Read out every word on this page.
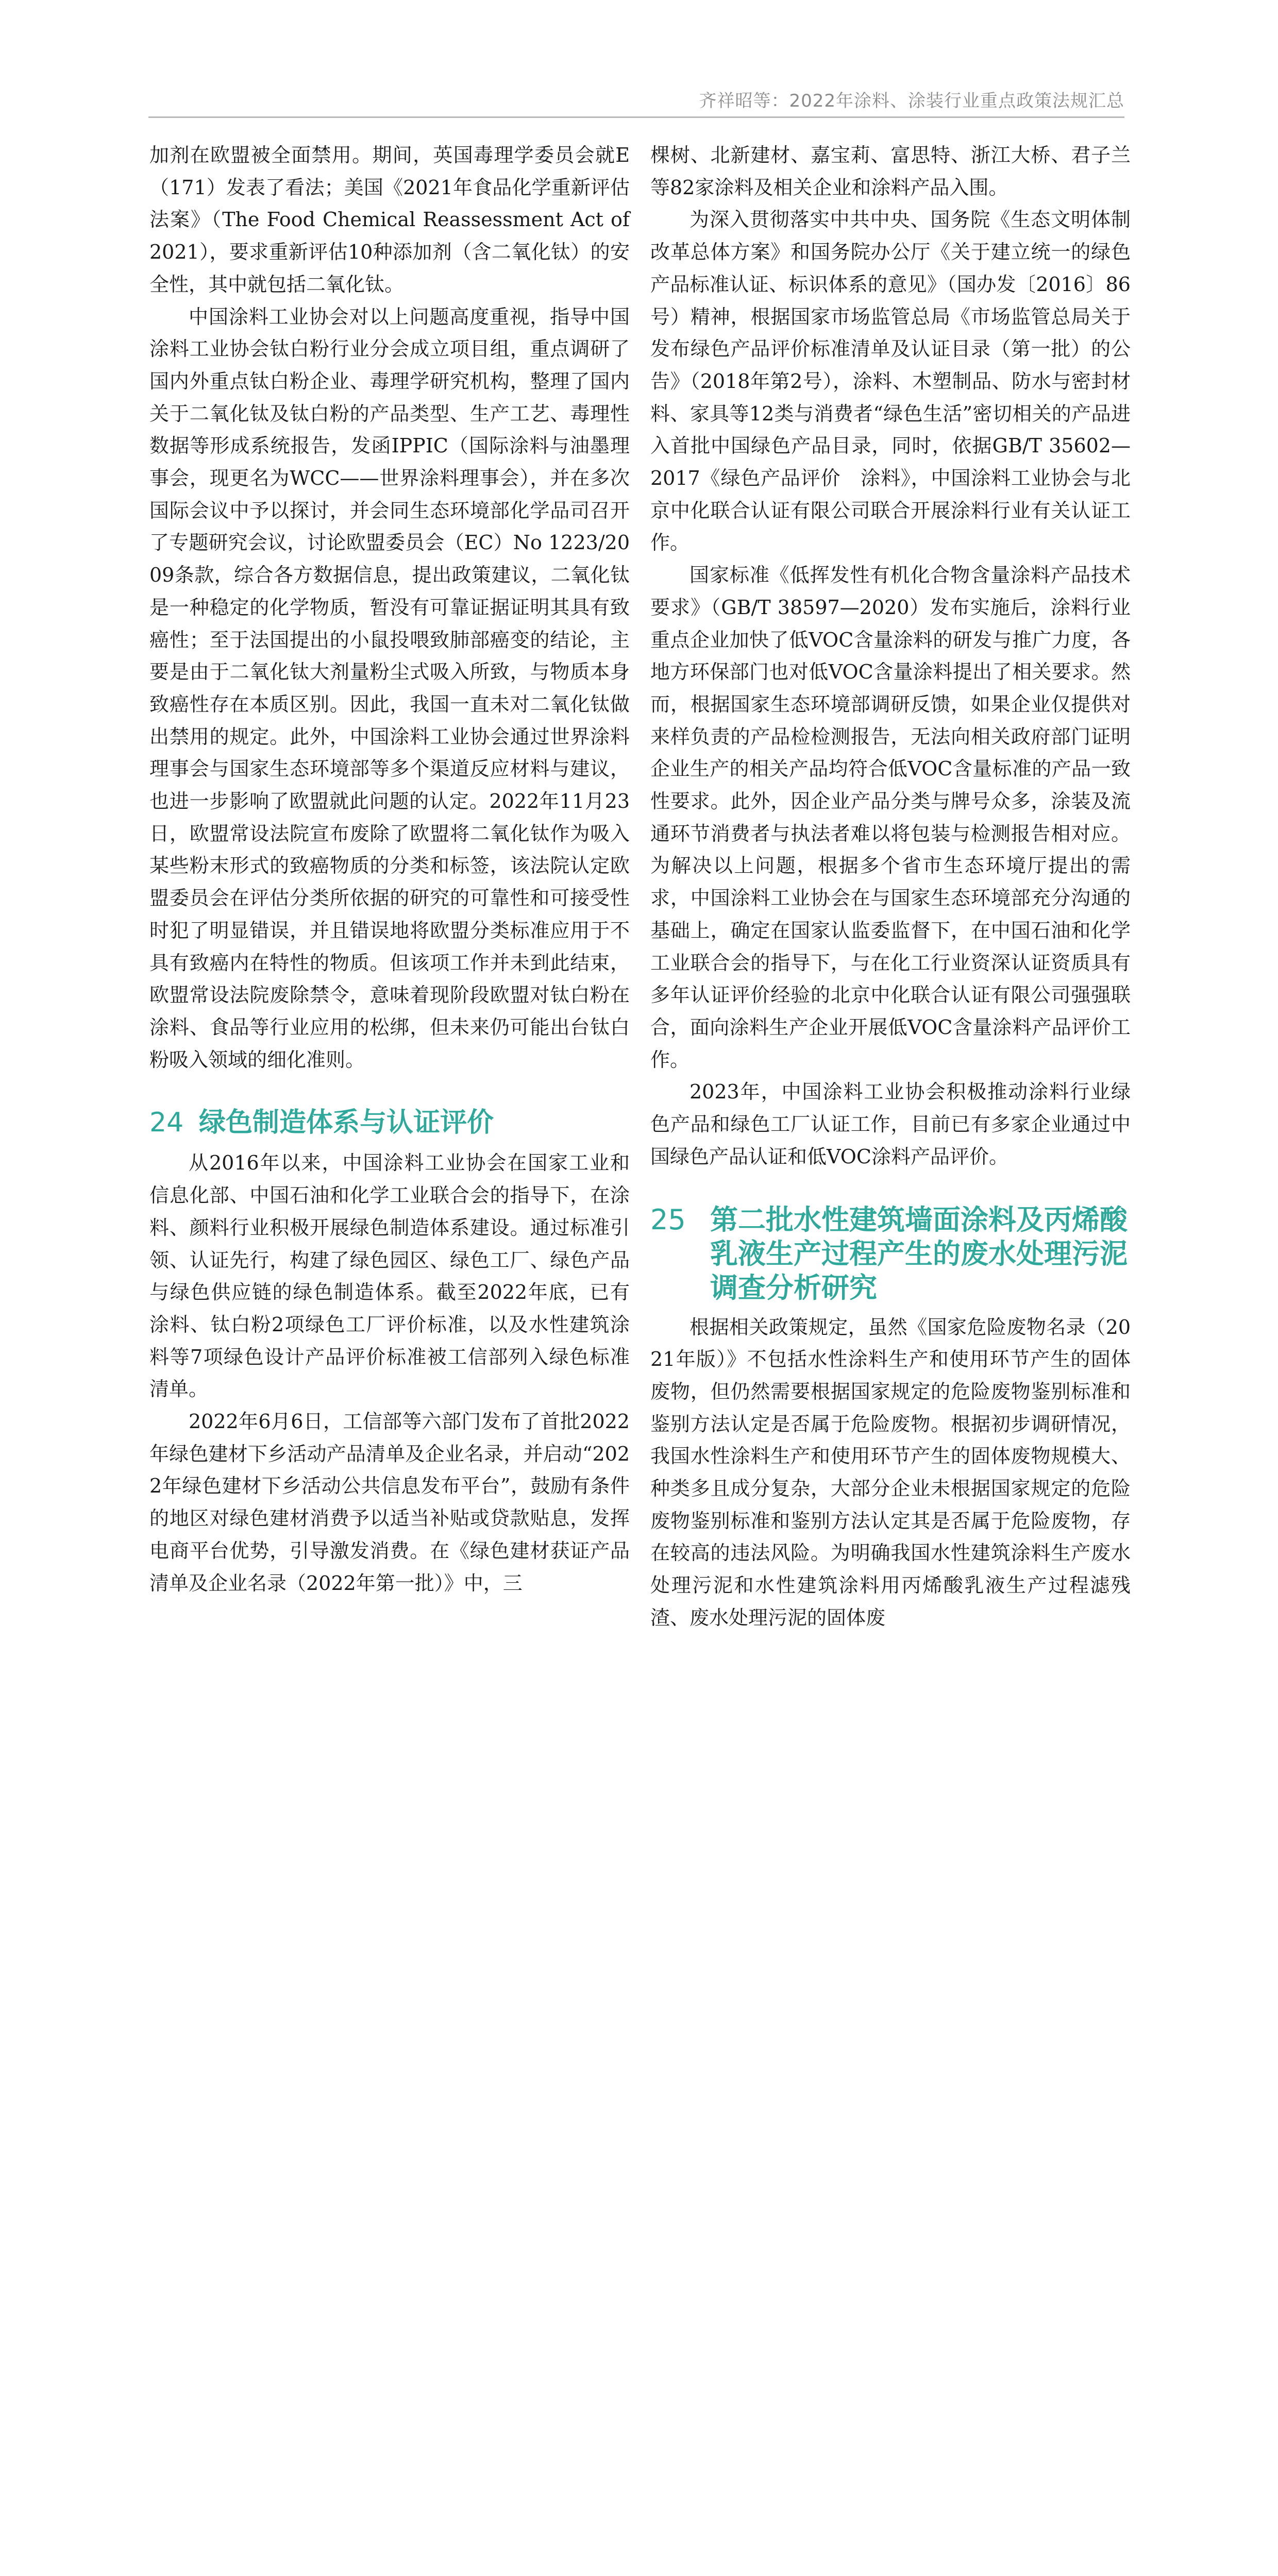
齐祥昭等：2022年涂料、涂装行业重点政策法规汇总

加剂在欧盟被全面禁用。期间，英国毒理学委员会就E（171）发表了看法；美国《2021年食品化学重新评估法案》（The Food Chemical Reassessment Act of 2021），要求重新评估10种添加剂（含二氧化钛）的安全性，其中就包括二氧化钛。

中国涂料工业协会对以上问题高度重视，指导中国涂料工业协会钛白粉行业分会成立项目组，重点调研了国内外重点钛白粉企业、毒理学研究机构，整理了国内关于二氧化钛及钛白粉的产品类型、生产工艺、毒理性数据等形成系统报告，发函IPPIC（国际涂料与油墨理事会，现更名为WCC——世界涂料理事会），并在多次国际会议中予以探讨，并会同生态环境部化学品司召开了专题研究会议，讨论欧盟委员会（EC）No 1223/2009条款，综合各方数据信息，提出政策建议，二氧化钛是一种稳定的化学物质，暂没有可靠证据证明其具有致癌性；至于法国提出的小鼠投喂致肺部癌变的结论，主要是由于二氧化钛大剂量粉尘式吸入所致，与物质本身致癌性存在本质区别。因此，我国一直未对二氧化钛做出禁用的规定。此外，中国涂料工业协会通过世界涂料理事会与国家生态环境部等多个渠道反应材料与建议，也进一步影响了欧盟就此问题的认定。2022年11月23日，欧盟常设法院宣布废除了欧盟将二氧化钛作为吸入某些粉末形式的致癌物质的分类和标签，该法院认定欧盟委员会在评估分类所依据的研究的可靠性和可接受性时犯了明显错误，并且错误地将欧盟分类标准应用于不具有致癌内在特性的物质。但该项工作并未到此结束，欧盟常设法院废除禁令，意味着现阶段欧盟对钛白粉在涂料、食品等行业应用的松绑，但未来仍可能出台钛白粉吸入领域的细化准则。

24 绿色制造体系与认证评价

从2016年以来，中国涂料工业协会在国家工业和信息化部、中国石油和化学工业联合会的指导下，在涂料、颜料行业积极开展绿色制造体系建设。通过标准引领、认证先行，构建了绿色园区、绿色工厂、绿色产品与绿色供应链的绿色制造体系。截至2022年底，已有涂料、钛白粉2项绿色工厂评价标准，以及水性建筑涂料等7项绿色设计产品评价标准被工信部列入绿色标准清单。

2022年6月6日，工信部等六部门发布了首批2022年绿色建材下乡活动产品清单及企业名录，并启动“2022年绿色建材下乡活动公共信息发布平台”，鼓励有条件的地区对绿色建材消费予以适当补贴或贷款贴息，发挥电商平台优势，引导激发消费。在《绿色建材获证产品清单及企业名录（2022年第一批）》中，三

棵树、北新建材、嘉宝莉、富思特、浙江大桥、君子兰等82家涂料及相关企业和涂料产品入围。

为深入贯彻落实中共中央、国务院《生态文明体制改革总体方案》和国务院办公厅《关于建立统一的绿色产品标准认证、标识体系的意见》（国办发〔2016〕86号）精神，根据国家市场监管总局《市场监管总局关于发布绿色产品评价标准清单及认证目录（第一批）的公告》（2018年第2号），涂料、木塑制品、防水与密封材料、家具等12类与消费者“绿色生活”密切相关的产品进入首批中国绿色产品目录，同时，依据GB/T 35602—2017《绿色产品评价　涂料》，中国涂料工业协会与北京中化联合认证有限公司联合开展涂料行业有关认证工作。

国家标准《低挥发性有机化合物含量涂料产品技术要求》（GB/T 38597—2020）发布实施后，涂料行业重点企业加快了低VOC含量涂料的研发与推广力度，各地方环保部门也对低VOC含量涂料提出了相关要求。然而，根据国家生态环境部调研反馈，如果企业仅提供对来样负责的产品检检测报告，无法向相关政府部门证明企业生产的相关产品均符合低VOC含量标准的产品一致性要求。此外，因企业产品分类与牌号众多，涂装及流通环节消费者与执法者难以将包装与检测报告相对应。为解决以上问题，根据多个省市生态环境厅提出的需求，中国涂料工业协会在与国家生态环境部充分沟通的基础上，确定在国家认监委监督下，在中国石油和化学工业联合会的指导下，与在化工行业资深认证资质具有多年认证评价经验的北京中化联合认证有限公司强强联合，面向涂料生产企业开展低VOC含量涂料产品评价工作。

2023年，中国涂料工业协会积极推动涂料行业绿色产品和绿色工厂认证工作，目前已有多家企业通过中国绿色产品认证和低VOC涂料产品评价。

25 第二批水性建筑墙面涂料及丙烯酸乳液生产过程产生的废水处理污泥调查分析研究

根据相关政策规定，虽然《国家危险废物名录（2021年版）》不包括水性涂料生产和使用环节产生的固体废物，但仍然需要根据国家规定的危险废物鉴别标准和鉴别方法认定是否属于危险废物。根据初步调研情况，我国水性涂料生产和使用环节产生的固体废物规模大、种类多且成分复杂，大部分企业未根据国家规定的危险废物鉴别标准和鉴别方法认定其是否属于危险废物，存在较高的违法风险。为明确我国水性建筑涂料生产废水处理污泥和水性建筑涂料用丙烯酸乳液生产过程滤残渣、废水处理污泥的固体废
